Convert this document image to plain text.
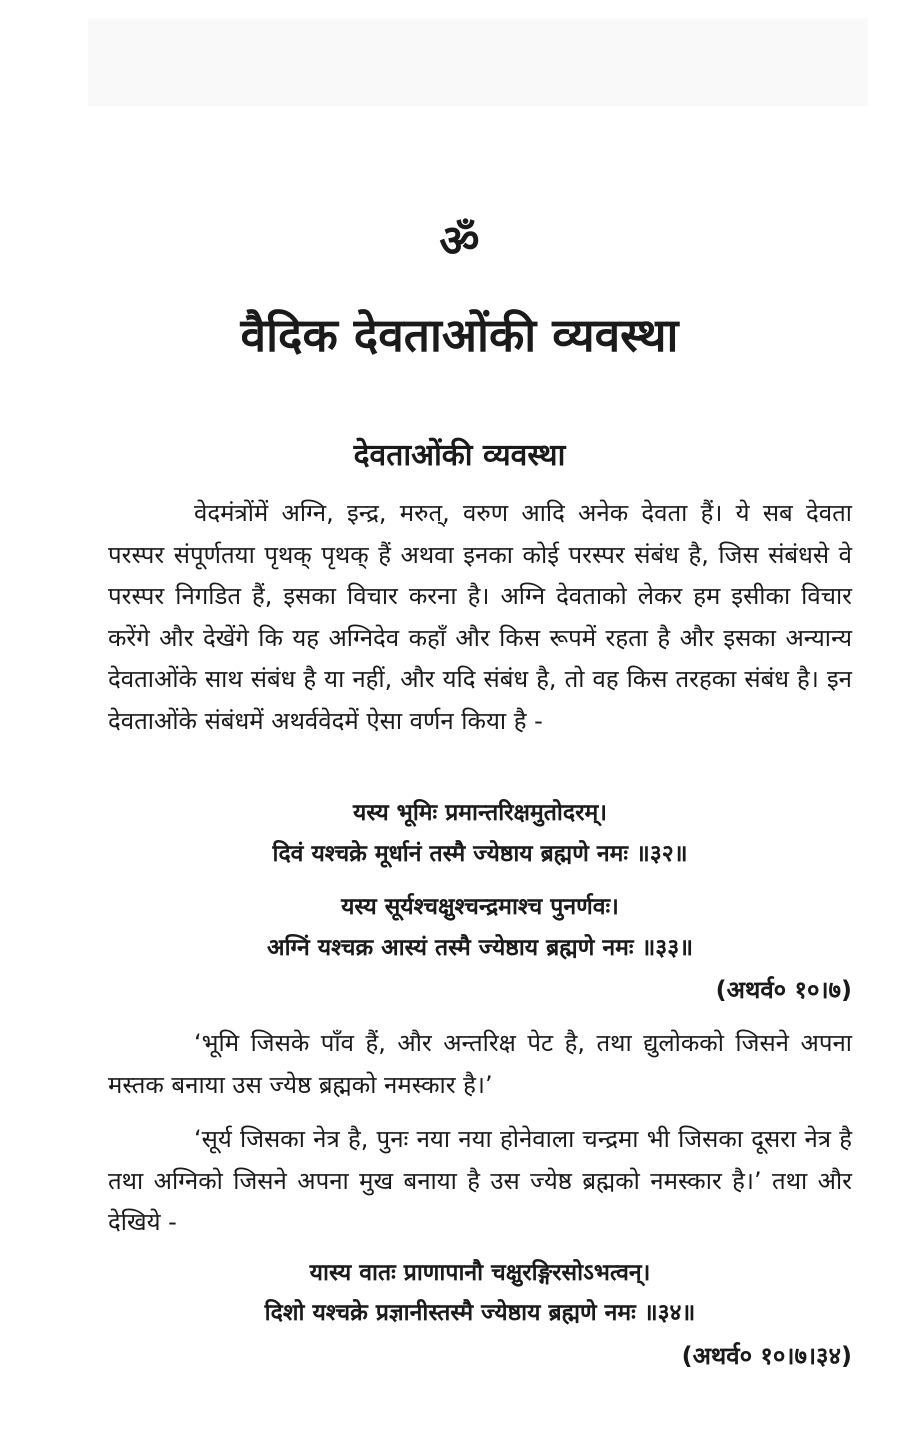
ॐ
वैदिक देवताओंकी व्यवस्था
देवताओंकी व्यवस्था

वेदमंत्रोंमें अग्नि, इन्द्र, मरुत्, वरुण आदि अनेक देवता हैं। ये सब देवता परस्पर संपूर्णतया पृथक् पृथक् हैं अथवा इनका कोई परस्पर संबंध है, जिस संबंधसे वे परस्पर निगडित हैं, इसका विचार करना है। अग्नि देवताको लेकर हम इसीका विचार करेंगे और देखेंगे कि यह अग्निदेव कहाँ और किस रूपमें रहता है और इसका अन्यान्य देवताओंके साथ संबंध है या नहीं, और यदि संबंध है, तो वह किस तरहका संबंध है। इन देवताओंके संबंधमें अथर्ववेदमें ऐसा वर्णन किया है -

यस्य भूमिः प्रमान्तरिक्षमुतोदरम्।
दिवं यश्चक्रे मूर्धानं तस्मै ज्येष्ठाय ब्रह्मणे नमः ॥३२॥
यस्य सूर्यश्चक्षुश्चन्द्रमाश्च पुनर्णवः।
अग्निं यश्चक्र आस्यं तस्मै ज्येष्ठाय ब्रह्मणे नमः ॥३३॥
(अथर्व० १०।७)

‘भूमि जिसके पाँव हैं, और अन्तरिक्ष पेट है, तथा द्युलोकको जिसने अपना मस्तक बनाया उस ज्येष्ठ ब्रह्मको नमस्कार है।’

‘सूर्य जिसका नेत्र है, पुनः नया नया होनेवाला चन्द्रमा भी जिसका दूसरा नेत्र है तथा अग्निको जिसने अपना मुख बनाया है उस ज्येष्ठ ब्रह्मको नमस्कार है।’ तथा और देखिये -

यास्य वातः प्राणापानौ चक्षुरङ्गिरसोऽभत्वन्।
दिशो यश्चक्रे प्रज्ञानीस्तस्मै ज्येष्ठाय ब्रह्मणे नमः ॥३४॥
(अथर्व० १०।७।३४)
